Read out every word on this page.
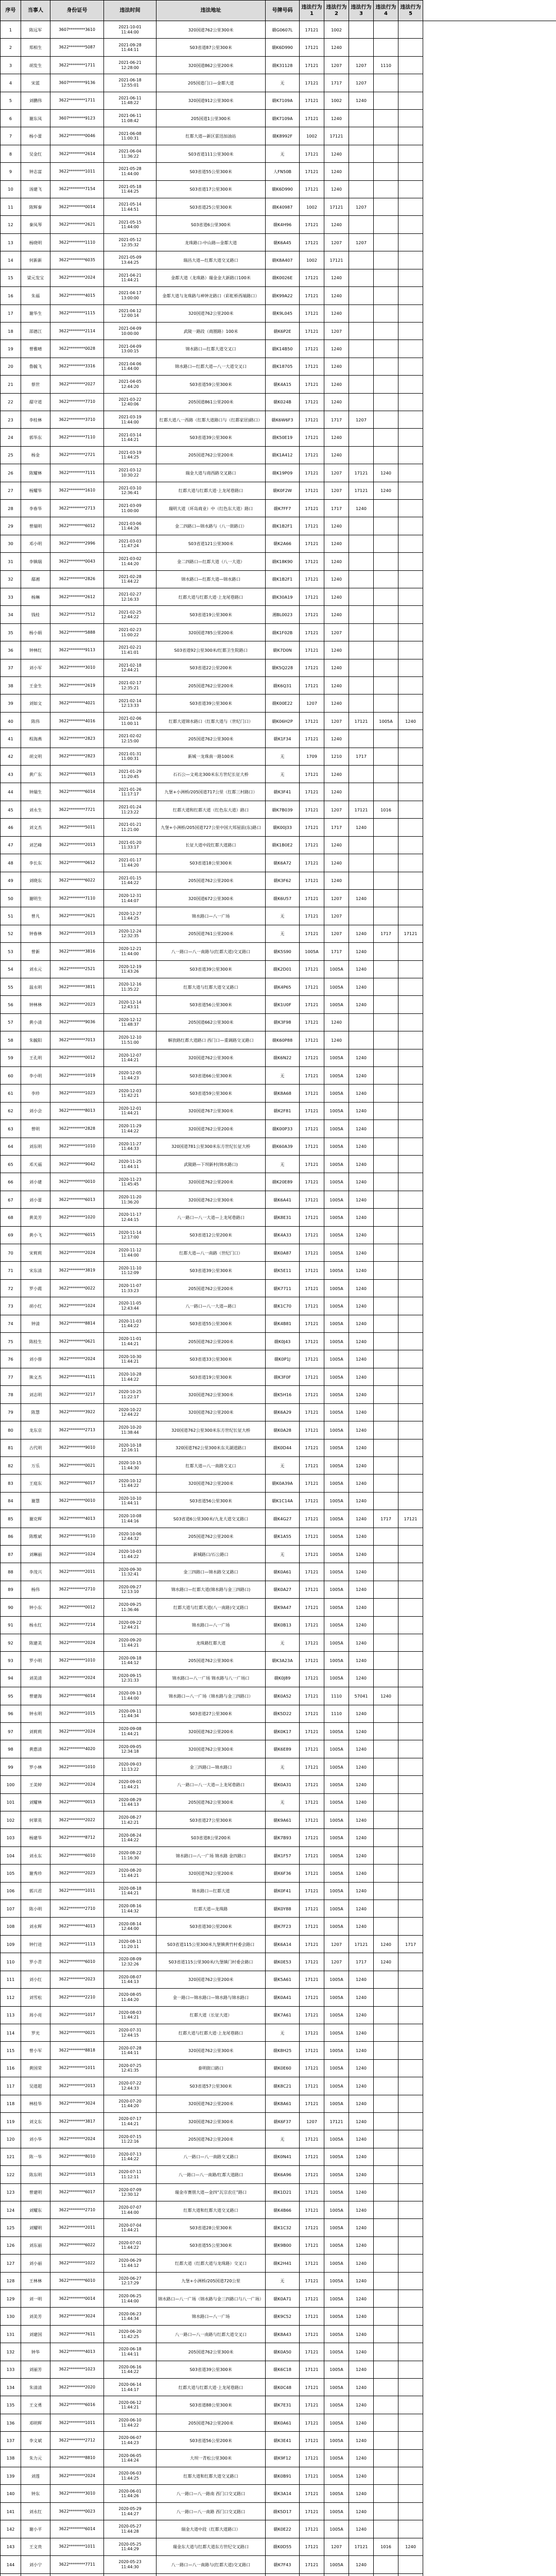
序号	当事人	身份证号	违法时间	违法地址	号牌号码	违法行为1	违法行为2	违法行为3	违法行为4	违法行为5	
1	陈远军	3607********3610	2021-10-01
11:44:00	320国道762公里300米	赣G0607L	17121	1002				
2	郑相生	3622********5087	2021-09-28
11:44:11	S03省道87公里300米	赣K6D990	17121	1240				
3	胡发生	3622********1711	2021-06-21
12:28:00	320国道862公里200米	赣K31128	17121	1207	1207	1110		
4	宋蓝	3607********9136	2021-06-18
12:55:01	205国道门口—金都大道	无	17121	1717	1207			
5	刘鹏伟	3622********1711	2021-06-11
11:48:22	320国道912公里300米	赣K7109A	17121	1002	1240			
6	谢东凤	3607********9123	2021-06-11
11:08:42	205国道1公里300米	赣K7109A	17121	1240				
7	杨小蕾	3622********0046	2021-06-08
11:00:31	红都大道—新区雷迅加油站	赣K8992F	1002	17121				
8	吴金红	3622********2614	2021-06-04
11:36:22	S03省道111公里300米	无	17121	1240				
9	钟志富	3622********1011	2021-05-28
11:44:00	S03省道55公里300米	人FN50B	17121	1240				
10	汤建飞	3622********7154	2021-05-18
11:44:25	S03省道17公里300米	赣K6D990	17121	1240				
11	陈辉秦	3622********0014	2021-05-14
11:44:51	S03省道25公里300米	赣K40987	1002	17121	1207			
12	秦凤琴	3622********2621	2021-05-15
11:44:00	S03省道6公里300米	赣K4H96	17121	1240				
13	杨晓明	3622********1110	2021-05-12
12:35:32	龙珠路口-中山路—金都大道	赣K6A45	17121	1207	1207			
14	何新新	3622********6035	2021-05-09
13:44:25	瑞昌大道—红都大道交叉路口	赣K8A407	1002	17121				
15	梁元发宝	3622********2024	2021-04-21
11:44:21	金都大道（龙珠路）瑞金金大新路口100米	赣K0026E	17121	1240				
16	朱福	3622********4015	2021-04-17
13:00:00	金都大道与龙珠路与神钟北路口（彩虹桥西端路口）	赣K99A22	17121	1240				
17	谢华生	3622********1115	2021-04-12
12:00:14	320国道762公里200米	赣K9L045	17121	1240				
18	邵德江	3622********2114	2021-04-09
10:00:00	武陵一路段（商圈路）100米	赣K6P2E	17121	1207				
19	曾雅晴	3622********0028	2021-04-09
13:00:15	锦水路口—红都大道交叉口	赣K14B50	17121	1240				
20	鲁毓飞	3622********3316	2021-04-06
11:44:00	锦水路口—红都大道—八一大道交叉口	赣K18705	17121	1240				
21	蔡世	3622********2027	2021-04-05
12:44:20	S03省道59公里300米	赣K4A15	17121	1240				
22	鄢守道	3622********7710	2021-03-22
12:40:06	205国道861公里200米	赣K024B	17121	1240				
23	李桂林	3622********3710	2021-03-19
11:44:00	红都大道八一西路（红都大道路口与（红都家居)路口）	赣K6W6F3	17121	1717	1207			
24	郭华东	3622********7110	2021-03-14
11:44:21	S03省道39公里300米	赣K50E19	17121	1240				
25	杨金	3622********2721	2021-03-19
11:44:25	205国道762公里200米	赣K1A412	17121	1240				
26	陈耀林	3622********7111	2021-03-12
10:30:22	瑞金大道与商西路交叉路口	赣K19P09	17121	1207	17121	1240		
27	杨耀华	3622********1610	2021-03-10
12:36:41	红都大道与红都大道·上龙尾巷路口	赣K0F2W	17121	1207	17121	1240		
28	李春华	3622********2713	2021-03-09
11:00:00	瑞明大道（环岛商业）中（红色东大道）路口	赣K7FF7	17121	1717	1240			
29	曾瑞明	3622********6012	2021-03-06
11:44:26	金二四路口—锦水路与（八一街路口）	赣K1B2F1	17121	1240				
30	邓小明	3622********2996	2021-03-03
11:47:24	S03省道121公里300米	赣K2A66	17121	1240				
31	李镇瑞	3622********0043	2021-03-02
11:44:20	金二四路口—红都大道（八一大道）	赣K18K90	17121	1240				
32	鄢湘	3622********2826	2021-02-28
11:44:22	锦水路口—红都大道—锦水路口	赣K1B2F1	17121	1240				
33	杨琳	3622********2612	2021-02-27
12:16:33	红都大道与红都大道·上龙尾巷路口	赣K30A19	17121	1240				
34	钱桂	3622********7512	2021-02-25
12:44:22	S03省道19公里300米	湘BL0023	17121	1240				
35	杨小娟	3622********5888	2021-02-23
11:00:22	320国道785公里200米	赣K1F02B	17121	1207				
36	钟林红	3622********9113	2021-02-21
11:41:01	S03省道92公里300米/红都卫生院路口	赣K7D0N	17121	1240				
37	刘小军	3622********3010	2021-02-18
12:44:21	S03省道22公里200米	赣K5Q228	17121	1240				
38	王金生	3622********2619	2021-02-17
12:35:21	205国道762公里200米	赣K6Q31	17121	1240				
39	刘如文	3622********4021	2021-02-14
12:13:33	S03省道39公里300米	赣K00E22	1207	1240				
40	陈伟	3622********4016	2021-02-06
11:00:11	红都大道锦水路口（红都大道与（世纪门口）	赣K06H2P	17121	1207	17121	1005A	1240	
41	程海燕	3622********2823	2021-02-02
12:15:00	205国道762公里300米	赣K1F34	17121	1240				
42	胡文明	3622********2823	2021-01-31
11:00:31	新城一龙珠南一路100米	无	1709	1210	1717			
43	黄广东	3622********6013	2021-01-29
11:20:45	石石公—文苑北300米东方世纪长征大桥	无	17121	1240				
44	钟瑞生	3622********6014	2021-01-26
11:17:17	九堡+小洲桥/205国道717公里（红都三村路口）	赣K3F41	17121	1240				
45	刘永生	3622********7721	2021-01-24
11:23:22	红都大道和红都大道（红色东大道）路口	赣K7B039	17121	1207	17121	1016		
46	刘文杰	3622********5011	2021-01-21
11:21:00	九堡+小洲桥/205国道727公里中国大邦屋前(东)路口	赣K00J33	17121	1717	1240			
47	刘艺峰	3622********2013	2021-01-20
11:33:17	长征大道中段红都大道路口	赣K1B0E2	17121	1240				
48	李长东	3622********0612	2021-01-17
11:44:20	S03省道18公里300米	赣K6A72	17121	1240				
49	刘晓东	3622********6022	2021-01-15
11:44:22	205国道762公里200米	赣K3F62	17121	1240				
50	谢明生	3622********7110	2020-12-31
11:44:07	320国道672公里300米	赣K6U57	17121	1207	1240			
51	曾凡	3622********2621	2020-12-27
11:44:25	锦水路口—八一广场	无	17121	1207				
52	钟春林	3622********2013	2020-12-24
12:32:35	205国道761公里200米	无	17121	1207	1240	1717	17121	
53	曾新	3622********3816	2020-12-21
11:44:00	八一路口—八一南路与(红都大道)交叉路口	赣K5S90	1005A	1717	1240			
54	刘永元	3622********2521	2020-12-19
11:43:26	S03省道39公里300米	赣K2D01	17121	1005A	1240			
55	温永明	3622********3811	2020-12-16
11:35:22	红都大道与红都大道交叉路口	赣K4P65	17121	1005A	1240			
56	钟林林	3622********2023	2020-12-14
12:43:11	S03省道56公里300米	赣K1U0F	17121	1005A	1240			
57	黄小清	3622********9036	2020-12-12
11:48:37	205国道662公里300米	赣K3F98	17121	1240				
58	朱毓阳	3622********7013	2020-12-10
11:51:00	解放路红都大道路口 西门口—重调路交叉路口	赣K60P88	17121	1240				
59	王孔明	3622********0012	2020-12-07
11:44:21	320国道762公里300米	赣K6N22	17121	1005A	1240			
60	李小明	3622********1019	2020-12-05
11:44:23	S03省道66公里300米	无	17121	1005A	1240			
61	李珍	3622********1023	2020-12-03
11:42:21	S03省道59公里300米	赣K8A68	17121	1005A	1240			
62	刘小会	3622********8013	2020-12-01
11:44:21	320国道767公里300米	赣K2F81	17121	1005A	1240			
63	曾明	3622********2828	2020-11-29
11:44:22	320国道762公里200米	赣K00P33	17121	1005A	1240			
64	刘东明	3622********1010	2020-11-27
11:44:33	320国道781公里300米东方世纪长征大桥	赣K60A39	17121	1005A	1240			
65	邓天福	3622********9042	2020-11-25
11:44:11	武陵路—下坝新村(锦水路口)	无	17121	1005A	1240			
66	刘小建	3622********0010	2020-11-23
11:45:45	320国道762公里200米	赣K20E89	17121	1005A	1240			
67	刘小蕾	3622********6013	2020-11-20
11:36:20	320国道762公里300米	赣K6A41	17121	1005A	1240			
68	黄美芳	3622********1020	2020-11-17
12:44:15	八一路口—八一大道—上龙尾巷路口	赣K8E31	17121	1005A	1240			
69	黄小飞	3622********6015	2020-11-14
12:17:00	S03省道12公里200米	赣K4A33	17121	1005A	1240			
70	宋莉莉	3622********2024	2020-11-12
11:44:00	红都大道—八一南路（世纪门口）	赣K0A87	17121	1005A	1240			
71	宋东清	3622********3819	2020-11-10
11:12:09	S03省道39公里300米	赣K5E11	17121	1005A	1240			
72	罗小霞	3622********0022	2020-11-07
11:33:23	205国道762公里200米	赣K7711	17121	1005A	1240			
73	胡小红	3622********1024	2020-11-05
12:43:44	八一路口—八一大道—路口	赣K1C70	17121	1005A	1240			
74	钟清	3622********8814	2020-11-03
11:44:22	S03省道55公里300米	赣K4B81	17121	1005A	1240			
75	陈桂生	3622********0621	2020-11-01
11:44:21	205国道762公里200米	赣K0J43	17121	1005A	1240			
76	刘小蓉	3622********2024	2020-10-30
11:44:21	S03省道33公里300米	赣K0P1J	17121	1005A	1240			
77	熊文杰	3622********4111	2020-10-28
11:44:22	S03省道19公里300米	赣K3F0F	17121	1005A	1240			
78	刘志明	3622********3217	2020-10-25
11:22:17	320国道762公里300米	赣K5H16	17121	1005A	1240			
79	陈慧	3622********3922	2020-10-22
12:44:22	320国道762公里200米	赣K6A29	17121	1005A	1240			
80	龙东京	3622********2713	2020-10-20
11:38:44	320国道762公里300米东方世纪长征大桥	赣K0A28	17121	1005A	1240			
81	古代明	3622********9010	2020-10-18
12:16:11	320国道762公里300米东关湖道路口	赣K0D44	17121	1005A	1240			
82	万乐	3622********0021	2020-10-15
11:44:30	红都大道—八一南路交叉口	无	17121	1005A	1240			
83	王庭东	3622********6017	2020-10-12
11:44:22	320国道762公里200米	赣K0A39A	17121	1005A	1240			
84	谢慧	3622********0010	2020-10-10
11:44:11	S03省道56公里300米	赣K1C14A	17121	1005A	1240			
85	谢克辉	3622********4013	2020-10-08
11:44:16	S03省道6公里300米/九龙大道交叉路口	赣K4G27	17121	1005A	1240	1717	17121	
86	陈维斌	3622********9110	2020-10-06
12:44:32	205国道762公里200米	赣K1A55	17121	1005A	1240			
87	刘琳丽	3622********1024	2020-10-03
11:44:22	新城路口/石公路口	无	17121	1005A	1240			
88	李茂兴	3622********2011	2020-09-30
11:32:41	金三四路口—锦水路交叉路口	赣K0A61	17121	1005A	1240			
89	杨伟	3622********2710	2020-09-27
12:13:10	锦水路口—红都大道(锦水路与金三四路口)	赣K0A27	17121	1005A	1240			
90	钟小东	3622********0012	2020-09-25
11:36:46	红都大道与红都大道(八一南路)交叉路口	赣K9A47	17121	1005A	1240			
91	杨永红	3622********7214	2020-09-22
12:44:21	锦水路口—八一广场	赣K0B13	17121	1005A	1240			
92	陈建美	3622********2024	2020-09-20
11:44:21	龙珠路红都大道	无	17121	1005A	1240			
93	罗小明	3622********1010	2020-09-18
11:44:12	205国道762公里300米	赣K3A23A	17121	1005A	1240			
94	刘美清	3622********2024	2020-09-15
12:31:33	锦水路口—八一广场 锦水路与八一广场口	赣K0J89	17121	1005A	1240			
95	曾建海	3622********6014	2020-09-13
11:44:00	锦水路口—八一广场（锦水路与金三四路口）	赣K0A52	17121	1110	57041	1240		
96	钟永明	3622********1015	2020-09-11
11:44:34	S03省道27公里300米	赣K5D22	17121	1110	1240			
97	刘莉莉	3622********2024	2020-09-08
11:44:21	320国道762公里200米	赣K0K17	17121	1005A	1240			
98	黄惠清	3622********4020	2020-09-05
12:34:18	320国道762公里300米	赣K6E89	17121	1005A	1240			
99	罗小林	3622********1010	2020-09-03
11:13:22	金三四路口—锦水路口	无	17121	1005A	1240			
100	王美婷	3622********2024	2020-09-01
11:44:21	八一路口—八一大道—上龙尾巷路口	赣K0A31	17121	1005A	1240			
101	刘耀林	3622********0013	2020-08-29
11:44:13	205国道762公里300米	无	17121	1005A	1240			
102	何翠英	3622********2022	2020-08-27
11:42:21	S03省道27公里300米	赣K9A61	17121	1005A	1240			
103	杨建华	3622********8712	2020-08-24
11:44:22	S03省道8公里200米	赣K7B93	17121	1005A	1240			
104	刘永东	3622********6010	2020-08-22
11:16:30	锦水路口—八一广场 锦水路 金四路口	赣K1F57	17121	1005A	1240			
105	谢秀珍	3622********2023	2020-08-20
11:44:21	320国道762公里200米	赣K6F36	17121	1005A	1240			
106	郭兴君	3622********1011	2020-08-18
11:44:21	锦水路口—红都大道	赣K0F41	17121	1005A	1240			
107	陈小明	3622********2710	2020-08-16
11:44:32	红都大道—龙珠路	赣K0Y88	17121	1005A	1240			
108	刘永辉	3622********4013	2020-08-14
12:44:00	S03省道30公里200米	赣K7F23	17121	1005A	1240			
109	钟行进	3622********1113	2020-08-11
11:20:11	S03省道115公里300米九堡镇黄竹村委会路口	赣K6A14	17121	1207	17121	1240	1717	
110	罗小青	3622********6010	2020-08-09
12:32:26	S03省道115公里300米/九堡镇门村委会路口	赣K0E53	17121	1207	1717	1240		
111	刘小红	3622********2023	2020-08-07
11:44:13	320国道762公里200米	赣K5A61	17121	1005A	1240			
112	刘雪松	3622********2210	2020-08-05
11:44:20	金一路口—锦水路口—锦水路与锦水路口	赣K0A41	17121	1005A	1240			
113	周小亮	3622********1017	2020-08-03
11:44:21	红都大道（长征大道）	赣K7A61	17121	1005A	1240			
114	罗光	3622********0021	2020-07-31
12:44:15	红都大道与红都大道·上龙尾巷路口	无	17121	1005A	1240			
115	曾小军	3622********8818	2020-07-28
11:44:11	320国道762公里300米	赣K8H25	17121	1005A	1240			
116	黄国荣	3622********1011	2020-07-25
12:41:35	泰明街口路口	赣K0E60	17121	1005A	1240			
117	吴道超	3622********2013	2020-07-22
12:44:33	S03省道57公里300米	赣K8C21	17121	1005A	1240			
118	林桂华	3622********3024	2020-07-20
11:44:20	320国道762公里200米	赣K8A61	17121	1005A	1240			
119	刘文东	3622********3817	2020-07-17
11:44:21	320国道762公里300米	赣K6F37	1207	17121	1240			
120	刘小华	3622********2024	2020-07-15
11:22:16	205国道762公里200米	无	17121	1005A	1240			
121	陈一华	3622********8010	2020-07-13
11:44:22	八一路口—八一南路交叉路口	赣K0N41	17121	1005A	1240			
122	陈东明	3622********1013	2020-07-11
11:12:11	八一路口—八一南路/红都大道路口	赣K6A96	17121	1005A	1240			
123	曾建明	3622********6017	2020-07-09
12:30:12	瑞金市赛朋大道—金四“瓦宗农庄”路口	赣K1D21	17121	1005A	1240			
124	刘耀东	3622********2710	2020-07-07
11:44:00	红都大道和红都大道交叉路口	赣K4B66	17121	1005A	1240			
125	刘耀明	3622********2011	2020-07-04
11:44:21	S03省道28公里300米	赣K1C32	17121	1005A	1240			
126	刘东丽	3622********6022	2020-07-01
11:44:22	S03省道55公里300米	赣K9B00	17121	1005A	1240			
127	刘小丽	3622********1022	2020-06-29
11:44:12	红都大道（红都大道与龙珠路）交叉口	赣K2H41	17121	1005A	1240			
128	王林林	3622********6010	2020-06-27
12:17:29	九堡+小洲桥/205国道720公里	无	17121	1005A	1240			
129	刘一明	3622********0014	2020-06-25
11:44:00	锦水路口—八一广场（锦水路与金三四路口与八一广场）	赣K0A71	17121	1005A	1240			
130	刘美芳	3622********3024	2020-06-23
11:44:34	锦水路口—八一广场	赣K9C52	17121	1005A	1240			
131	刘建国	3622********7611	2020-06-20
11:42:25	八一路口—八一南路与红都大道交叉口	赣K8A43	17121	1005A	1240			
132	钟华	3622********4013	2020-06-18
11:44:11	205国道762公里300米	赣K0A50	17121	1005A	1240			
133	刘丽芳	3622********1023	2020-06-16
11:44:22	S03省道39公里300米	赣K6C18	17121	1005A	1240			
134	朱清清	3622********2020	2020-06-14
11:44:17	红都大道与红都大道·上龙尾巷路口	赣K0C48	17121	1005A	1240			
135	王文勇	3622********6016	2020-06-12
11:44:21	S03省道88公里300米	赣K7E31	17121	1005A	1240			
136	邓明辉	3622********1011	2020-06-10
11:44:22	205国道762公里200米	赣K0A61	17121	1005A	1240			
137	李文斌	3622********2712	2020-06-07
11:44:23	S03省道56公里200米	赣K3E41	17121	1005A	1240			
138	朱力元	3622********8810	2020-06-05
11:44:24	大坝一青松公里300米	赣K9F12	17121	1005A	1240			
139	刘莲	3622********2024	2020-06-03
11:44:25	红都大道和红都大道交叉路口	赣K0B91	17121	1005A	1240			
140	钟东	3622********3010	2020-06-01
11:44:26	八一路口—八一路南 西门口交叉路口	赣K3A14	17121	1005A	1240			
141	刘永红	3622********0023	2020-05-29
11:44:27	八一路口—八一南路 西门口交叉路口	赣K5D17	17121	1005A	1240			
142	谢小平	3622********6014	2020-05-27
11:44:28	瑞金大道中段（红都大道路口）	赣K0E22	17121	1005A	1240			
143	王文贵	3622********1011	2020-05-25
11:44:29	瑞金东大道与红都大道东方世纪交叉路口	赣K0D55	17121	1207	17121	1016	1240	
144	刘小宁	3622********7711	2020-05-23
11:44:30	八一路口—八一南路与(红都大道)交叉路口	赣K7F43	17121	1005A	1240			
